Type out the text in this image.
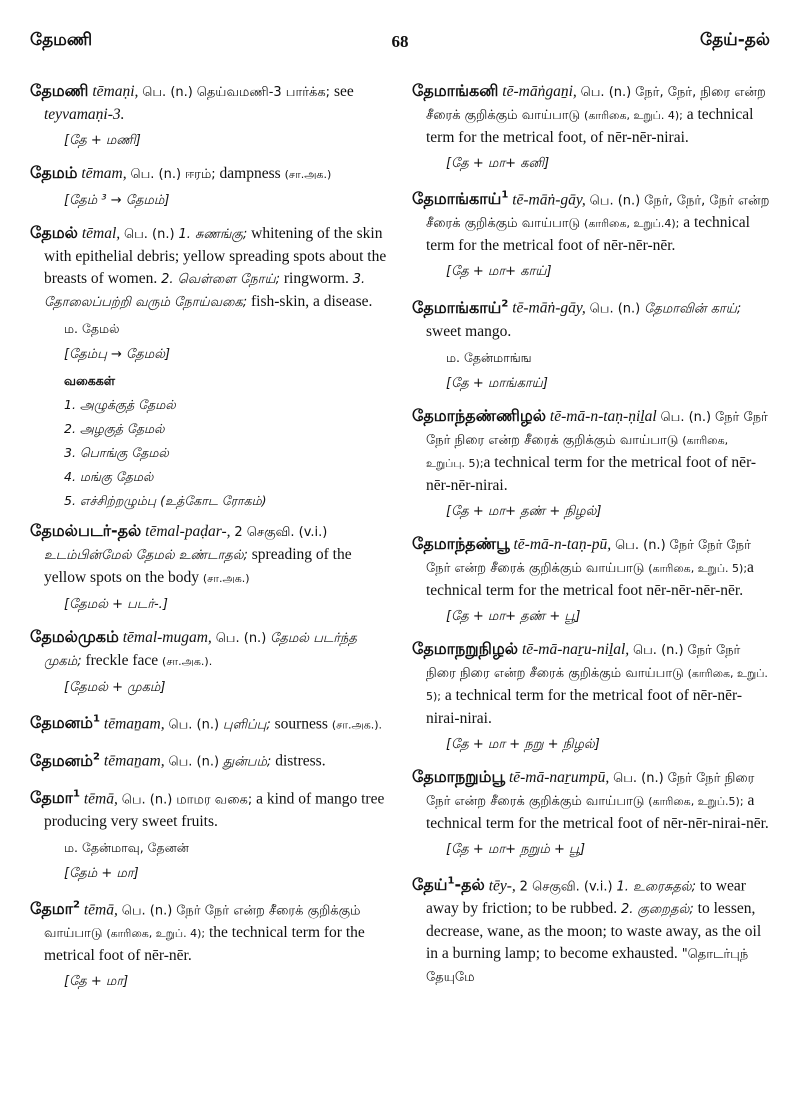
தேமணி	68	தேய்-தல்

தேமணி tēmaṇi, பெ. (n.) தெய்வமணி-3 பார்க்க; see teyvamaṇi-3.

[தே + மணி]

தேமம் tēmam, பெ. (n.) ஈரம்; dampness (சா.அக.)

[தேம் ³ → தேமம்]

தேமல் tēmal, பெ. (n.) 1. சுணங்கு; whitening of the skin with epithelial debris; yellow spreading spots about the breasts of women. 2. வெள்ளை நோய்; ringworm. 3. தோலைப்பற்றி வரும் நோய்வகை; fish-skin, a disease.

ம. தேமல்
[தேம்பு → தேமல்]
வகைகள்
1. அழுக்குத் தேமல்
2. அழகுத் தேமல்
3. பொங்கு தேமல்
4. மங்கு தேமல்
5. எச்சிற்றழும்பு (உத்கோட ரோகம்)

தேமல்படர்-தல் tēmal-paḍar-, 2 செகுவி. (v.i.) உடம்பின்மேல் தேமல் உண்டாதல்; spreading of the yellow spots on the body (சா.அக.)

[தேமல் + படர்-.]

தேமல்முகம் tēmal-mugam, பெ. (n.) தேமல் படர்ந்த முகம்; freckle face (சா.அக.).

[தேமல் + முகம்]

தேமனம்$^1$ tēmaṉam, பெ. (n.) புளிப்பு; sourness (சா.அக.).

தேமனம்$^2$ tēmaṉam, பெ. (n.) துன்பம்; distress.

தேமா$^1$ tēmā, பெ. (n.) மாமர வகை; a kind of mango tree producing very sweet fruits.

ம. தேன்மாவு, தேனன்
[தேம் + மா]

தேமா$^2$ tēmā, பெ. (n.) நேர் நேர் என்ற சீரைக் குறிக்கும் வாய்பாடு (காரிகை, உறுப். 4); the technical term for the metrical foot of nēr-nēr.

[தே + மா]

தேமாங்கனி tē-māṅgaṉi, பெ. (n.) நேர், நேர், நிரை என்ற சீரைக் குறிக்கும் வாய்பாடு (காரிகை, உறுப். 4); a technical term for the metrical foot, of nēr-nēr-nirai.

[தே + மா+ கனி]

தேமாங்காய்$^1$ tē-māṅ-gāy, பெ. (n.) நேர், நேர், நேர் என்ற சீரைக் குறிக்கும் வாய்பாடு (காரிகை, உறுப்.4); a technical term for the metrical foot of nēr-nēr-nēr.

[தே + மா+ காய்]

தேமாங்காய்$^2$ tē-māṅ-gāy, பெ. (n.) தேமாவின் காய்; sweet mango.

ம. தேன்மாங்ங
[தே + மாங்காய்]

தேமாந்தண்ணிழல் tē-mā-n-taṇ-ṇiḻal பெ. (n.) நேர் நேர் நேர் நிரை என்ற சீரைக் குறிக்கும் வாய்பாடு (காரிகை, உறுப்பு. 5);a technical term for the metrical foot of nēr-nēr-nēr-nirai.

[தே + மா+ தண் + நிழல்]

தேமாந்தண்பூ tē-mā-n-taṇ-pū, பெ. (n.) நேர் நேர் நேர் நேர் என்ற சீரைக் குறிக்கும் வாய்பாடு (காரிகை, உறுப். 5);a technical term for the metrical foot nēr-nēr-nēr-nēr.

[தே + மா+ தண் + பூ]

தேமாநறுநிழல் tē-mā-naṟu-niḻal, பெ. (n.) நேர் நேர் நிரை நிரை என்ற சீரைக் குறிக்கும் வாய்பாடு (காரிகை, உறுப். 5); a technical term for the metrical foot of nēr-nēr-nirai-nirai.

[தே + மா + நறு + நிழல்]

தேமாநறும்பூ tē-mā-naṟumpū, பெ. (n.) நேர் நேர் நிரை நேர் என்ற சீரைக் குறிக்கும் வாய்பாடு (காரிகை, உறுப்.5); a technical term for the metrical foot of nēr-nēr-nirai-nēr.

[தே + மா+ நறும் + பூ]

தேய்$^1$-தல் tēy-, 2 செகுவி. (v.i.) 1. உரைசுதல்; to wear away by friction; to be rubbed. 2. குறைதல்; to lessen, decrease, wane, as the moon; to waste away, as the oil in a burning lamp; to become exhausted. "தொடர்புந் தேயுமே
